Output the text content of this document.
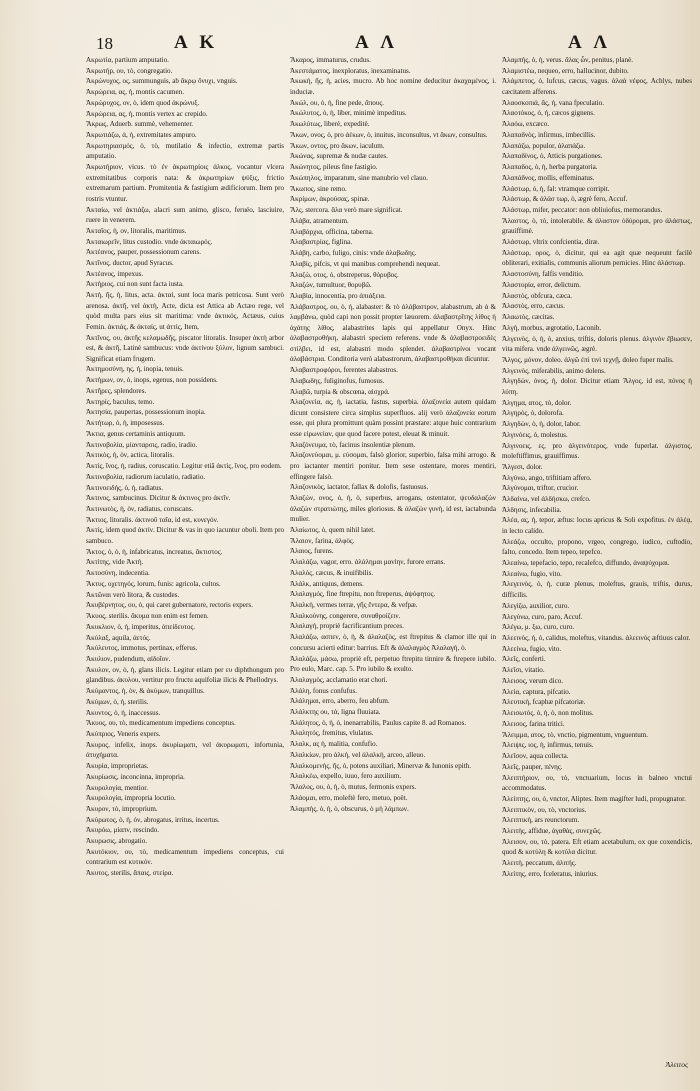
18	A K	A Λ	A Λ
Ακρωτία, partium amputatio.
Ἀκρωτήρ, ου, τὸ, congregatio.
Ἀκρώνυχος, ος, summunguis, ab ἄκρῳ ὄνυχι, vnguis.
Ἀκρώρεια, ας, ἡ, montis cacumen.
Ἀκρώρυχος, ον, ὁ, idem quod ἀκρώνυξ.
Ἀκρώρεια, ας, ἡ, montis vertex ac crepido.
Ἄκρως, Aduerb. summè, vehementer.
Ἀκρωτιάζω, ἀ, ἡ, extremitates ampuro.
Ἀκρωτηριασμός, ὁ, τὸ, mutilatio & infectio, extremæ partis amputatio.
Ἀκρωτήριον, vicus. τὸ ἐν ἀκρωτηρίοις ἀλκος, vocantur vlcera extremitatibus corporis nata: & ἀκρωτηρίων ψύξις, frictio extremarum partium. Promitentia & fastigium ædificiorum. Item pro rostris vtuntur.
Ἀκταίω, vel ἀκτιάζω, alacri sum animo, glisco, feruéo, lasciuire, ruere in venerem.
Ἀκταῖος, ἡ, ον, litoralis, maritimus.
Ἀκταιωρεῖν, litus custodio. vnde ἀκταιωρός.
Ἀκτέανος, pauper, possessionum carens.
Ἀκτῖνος, ductor, apud Syracus.
Ἀκτέανος, impexus.
Ἀκτήριος, cui non sunt facta iusta.
Ἀκτή, ῆς, ἡ, litus, acta. ἀκταὶ, sunt loca maris petricosa. Sunt verò arenosa. ἀκτῆ, vel ἀκτὴ, Acte, dicta est Attica ab Actæo rege, vel quòd multa pars eius sit maritima: vnde ἀκτικός, Actæus, cuius Femin. ἀκτιάς, & ἀκταίς, ut ἀττὶς, Item,
Ἀκτῖνος, ου, ἀκτῆς κελαμωδῆς, piscator litoralis. Insuper ἀκτὴ arbor est, & ἀκτῆ, Latinè sambucus: vnde ἀκτίνου ξύλον, lignum sambuci. Significat etiam frugem.
Ἀκτημοσύνη, ης, ἡ, inopia, tenuis.
Ἀκτήμων, ον, ὁ, inops, egenus, non possidens.
Ἀκτῆρες, splendores.
Ἀκτηρίς, baculus, temo.
Ἀκτησία, paupertas, possessionum inopia.
Ἀκτήτωρ, ὁ, ἡ, imposessus.
Ἄκτια, genus certaminis antiquum.
Ἀκτινοβολία, μίανταρσις, radio, iradio.
Ἀκτικὸς, ἡ, ὁν, actica, litoralis.
Ἀκτίς, ῖνος, ἡ, radius, coruscatio. Legitur etiā ἀκτὶς, ῖνος, pro eodem.
Ἀκτινοβολία, radiorum iaculatio, radiatio.
Ἀκτινοειδής, ὁ, ἡ, radiatus.
Ἀκτινος, sambucinus. Dicitur & ἀκτινος pro ἀκτῖν.
Ἀκτινωτὸς, ἡ, ὁν, radiatus, coruscans.
Ἄκτιος, litoralis. ἀκτινοῦ ταῖα, id est, κυνεγόν.
Ἀκτίς, idem quod ἀκτίν. Dicitur & vas in quo iacuntur oboli. Item pro sambuco.
Ἄκτος, ὁ, ὁ, ἡ, infabricatus, increatus, ἄκτιστος.
Ἀκτίτης, vide Ἀκτὴ.
Ἀκτοσύνη, indecentia.
Ἄκτυς, οχετηγός, lorum, funis: agricola, cultos.
Ἀκτῶναι verò litora, & custodes.
Ἀκυβέρνητος, ου, ὁ, qui caret gubernatore, rectoris expers.
Ἄκυος, sterilis. ἄκυμα non enim est femen.
Ἀκυκλιον, ὁ, ἡ, imperitus, ἀπείδευτος.
Ἀκύλαξ, aquila, ἀετός.
Ἀκύλευτος, immotus, pertinax, efferus.
Ἀκυλιον, pudendum, αἰδοῖον.
Ἀκυλον, ον, ὁ, ἡ, glans ilicis. Legitur etiam per ευ diphthongum pro glandibus. ἀκυλου, vertitur pro fructu aquifoliæ ilicis & Phellodrys.
Ἀκύμαντος, ἡ, ὁν, & ἀκύμων, tranquillus.
Ἀκύμων, ὁ, ἡ, sterilis.
Ἀκυντος, ὁ, ἡ, inaccessus.
Ἄκυος, ου, τὸ, medicamentum impediens conceptus.
Ἀκύπριος, Veneris expers.
Ἀκυρος, infelix, inops. ἀκυρίωματι, vel ἀκυρωματι, infortunia, ἀτυχήματα.
Ἀκυρία, improprietas.
Ἀκυρίωσις, inconcinna, impropria.
Ἀκυρολογία, mentior.
Ἀκυρολογία, impropria locutio.
Ἀκυρον, τὸ, improprium.
Ἀκύρωτος, ὁ, ἡ, ὁν, abrogatus, irritus, incertus.
Ἀκυρόω, μίαπν, rescindo.
Ἀκυρωσις, abrogatio.
Ἀκυτόκιον, ου, τὸ, medicamentum impediens conceptus, cui contrarium est κυτικόν.
Ἀκυτος, sterilis, ἄπαις, στείρα.
Ἄκαρος, immaturus, crudus.
Ἀκεστάματος, inexploratus, inexaminatus.
Ἀκωκή, ῆς, ἡ, acies, mucro. Ab hoc nomine deducitur ἀκαχαμένος, i. induciæ.
Ἀκώλ, ου, ὁ, ἡ, fine pede, ἄπους.
Ἀκώλυτος, ὁ, ἡ, liber, minimè impeditus.
Ἀκωλύτως, liberè, expeditè.
Ἄκων, ονος, ὁ, pro ἀέκων, ὁ, inuitus, inconsultus, vt ἄκων, consultus.
Ἄκων, οντος, pro ἄκων, iaculum.
Ἀκώνας, supremæ & nudæ cautes.
Ἀκώνητος, pileus fine fastigio.
Ἀκώπηλος, imparatum, sine manubrio vel clauo.
Ἄκωπος, sine remo.
Ἀκρίμων, ἀκρούσας, spinæ.
Ἄλς, stercora. ἄλα verò mare significat.
Ἀλάβα, atramentum.
Ἀλαβάρχια, officina, taberna.
Ἀλαβαστρίας, figlina.
Ἀλάβη, carbo, fuligo, cinis: vnde ἀλαβωδης.
Ἀλαβίς, pifcis, vt qui manibus comprehendi nequeat.
Ἀλαζὼ, οτος, ὁ, obstreperus, θόρυβος.
Ἀλαζών, tumultuor, θορυβῶ.
Ἀλαβία, innocentia, pro ἀπιάξεια.
Ἀλάβαστρος, ου, ὁ, ἡ, alabaster: & τὸ ἀλάβαστρον, alabastrum, ab ἀ & λαμβάνω, quòd capi non possit propter læuorem. ἀλαβαστρῖτης λίθος ἡ ἀχάτης λίθος, alabastrites lapis qui appellatur Onyx. Hinc ἀλαβαστροθήκη, alabastri speciem referens. vnde & ἀλαβαστροειδὲς στίλβει, id est, alabastri modo splendet. ἀλαβαστρίνοι vocant ἀλαβάστρια. Conditoria verò alabastrorum, ἀλαβαστροθήκαι dicuntur.
Ἀλαβαστροφόροι, ferentes alabastros.
Ἀλαβωδης, fuliginofus, fumosus.
Ἀλαβῶ, turpia & obscœna, αἰσχρά.
Ἀλαζονεία, ας, ἡ, iactatia, fastus, superbia. ἀλαζονεία autem quidam dicunt consistere circa simplus superfluos. alij verò ἀλαζονεία eorum esse, qui plura promittunt quàm possint præstare: atque huic contrarium esse εἰρωνείαν, que quod facere potest, eleuat & minuit.
Ἀλαζόνευμα, τὸ, facinus insolentiæ plenum.
Ἀλαζονεύομαι, μ. εύσομαι, falsò glorior, superbio, falsa mihi arrogo. & pro iactanter mentiri ponitur. Item sese ostentare, mores mentiri, effingere falsò.
Ἀλαζονικὸς, iactator, fallax & dolofis, fastuosus.
Ἀλαζὼν, ονος, ὁ, ἡ, ὁ, superbus, arrogans, ostentator, ψευδαλαζὼν ἀλαζὼν στρατιώτης, miles gloriosus. & ἀλαζὼν γυνὴ, id est, iactabunda mulier.
Ἀλαίωτος, ὁ, quem nihil latet.
Ἄλαιον, farina, ἀλφὸς.
Ἀλαιος, furens.
Ἀλαλάζω, vagor, erro. ἀλάλημαι μανίην, furore errans.
Ἀλαλὸς, cæcus, & inuifibilis.
Ἀλάλκ, antiquus, demens.
Ἀλαλαγμός, fine ftrepitu, non ftreperus, ἀψόφητος.
Ἀλαλκὴ, vermes terræ, γῆς ἔντερα, & vefpæ.
Ἀλαλκούνης, congerere, συναθροίζειν.
Ἀλαλαγὴ, propriè facrificantium preces.
Ἀλαλάζω, ασπεν, ὁ, ἡ, & ἀλαλαζὸς, est ftrepitus & clamor ille qui in concursu acierti editur: barrius. Eft & ἀλαλαγμὸς Ἀλαλαγή, ὁ.
Ἀλαλάζω, μάσω, propriè eft, perpetuo ftrepitu tinnire & ftrepere iubilo. Pro eulo, Marc. cap. 5. Pro iubilo & exulto.
Ἀλαλαγμὸς, acclamatio erat chori.
Ἀλάλη, fonus confufus.
Ἀλάλημαι, erro, aberro, feu abfum.
Ἀλάλκτης ου, τὰ, ligna fluuiata.
Ἀλάλητος, ὁ, ἡ, ὁ, inenarrabilis, Paulus capite 8. ad Romanos.
Ἀλαλητός, fremitus, vlulatus.
Ἀλαλκ, ας ἡ, malitia, confufio.
Ἀλαλκίων, pro ἀλκή, vel ἀλαλκή, arceo, alleuo.
Ἀλαλκομενής, ῆς, ὁ, potens auxiliari, Minervæ & Iunonis epith.
Ἀλαλκέω, expello, iuuo, fero auxilium.
Ἄλαλος, ου, ὁ, ἡ, ὁ, mutus, fermonis expers.
Ἀλάομαι, erro, moleftè fero, metuo, poët.
Ἀλαμπὴς, ὁ, ἡ, ὁ, obscurus, ὁ μὴ λάμπων.
Ἀλαμπής, ὁ, ἡ, verus. ἄλας ὧν, penitus, planè.
Ἀλαμιστέω, nequeo, erro, hallucinor, dubito.
Ἀλάμπετος, ὁ, lufcus, cæcus, vagus. ἀλαὰ νέφος, Achlys, nubes cæcitatem afferens.
Ἀλαοσκοπιά, ᾶς, ἡ, vana fpeculatio.
Ἀλαοτόκος, ὁ, ἡ, cæcos gignens.
Ἀλαόω, excæco.
Ἀλαπαδνὸς, infirmus, imbecillis.
Ἀλαπάζω, populor, ἀλαπάζω.
Ἀλαπαδίνος, ὁ, Atticis purgationes.
Ἀλαπαδος, ὁ, ἡ, herba purgatoria.
Ἀλαπάδνος, mollis, effeminatus.
Ἀλάστωρ, ὁ, ἡ, fal: vtramque corripit.
Ἀλάστωρ, & ἀλάσ τωρ, ὁ, ægrè fero, Accuf.
Ἀλάστωρ, mifer, peccator: non obliuiofus, memorandus.
Ἄλαστος, ὁ, τὸ, intolerabile. & ἀλαστον ὀδύρομαι, pro ἀλάστως, grauiffimè.
Ἀλάστωρ, vltrix confcientia, diræ.
Ἀλάστωρ, ορος, ὁ, dicitur, qui ea agit quæ nequeunt facilè obliterari, exitialis, communis aliorum pernicies. Hinc ἀλάστωρ.
Ἀλαστοσύνη, falfis venditio.
Ἀλαστορία, error, delictum.
Ἀλαστὸς, obfcura, cæca.
Ἀλαστὸς, erro, cæcus.
Ἀλαωτὸς, cæcitas.
Ἀλγὴ, morbus, ægrotatio, Laconib.
Ἀλγεινὸς, ὁ, ἡ, ὁ, anxius, triftis, doloris plenus. ἀλγινὸν ἔβιωσεν, vita mifera. vnde ἀλγεινῶς, ægrè.
Ἄλγος, μόνον, doleo. ἀλγῶ ἐπὶ τινὶ τεχνῇ, doleo fuper malis.
Ἀλγεινὸς, miferabilis, animo dolens.
Ἀλγηδὼν, όνος, ἡ, dolor. Dicitur etiam Ἄλγος, id est, πόνος ἡ λύπη.
Ἀλγημα, ατος, τὸ, dolor.
Ἀλγηρὸς, ὁ, dolorofa.
Ἀλγηδὼν, ὁ, ἡ, dolor, labor.
Ἀλγινόεις, ὁ, molestus.
Ἀλγινοεις, ες, pro ἀλγεινότερος, vnde fuperlat. ἀλγιστος, moleftiffimus, grauiffimus.
Ἄλγεσι, dolor.
Ἀλγύνω, ango, triftitiam affero.
Ἀλγύνομαι, triftor, crucior.
Ἀλδαίνω, vel ἀλδήσκω, crefco.
Ἀλδησις, infecabilia.
Ἀλέα, ας, ἡ, tepor, æftus: locus apricus & Soli expofitus. ἐν ἀλέᾳ, in lecto calido.
Ἀλεάζω, occulto, propono, vrgeo, congrego, iudico, cuftodio, falto, concedo. Item tepeo, tepefco.
Ἀλεαίνω, tepefacio, tepo, recalefco, diffundo, ἀναψύχομαι.
Ἀλεαίνω, fugio, vito.
Ἀλεγεινὸς, ὁ, ἡ, curæ plenus, moleftus, grauis, triftis, durus, difficilis.
Ἀλεγίζω, auxilior, curo.
Ἀλεγύνω, curo, paro, Accuf.
Ἀλέγω, μ. ξω, curo, curo.
Ἀλεεινὸς, ἡ, ὁ, calidus, moleftus, vitandus. ἀλεεινὸς æftiuus calor.
Ἀλεείνω, fugio, vito.
Ἀλεῖς, conferti.
Ἀλεῖσι, vitatio.
Ἀλεισος, verum dico.
Ἀλεία, captura, pifcatio.
Ἀλευτικὴ, fcaphæ pifcatoriæ.
Ἀλεισωτὸς, ὁ, ἡ, ὁ, non molitus.
Ἀλεισος, farina tritici.
Ἄλειμμα, ατος, τὸ, vnctio, pigmentum, vnguentum.
Ἀλειψις, ιος, ἡ, infirmus, tenuis.
Ἀλεῖσον, aqua collecta.
Ἀλεῖς, pauper, πένης.
Ἀλειπτήριον, ου, τὸ, vnctuarium, locus in balneo vnctui accommodatus.
Ἀλείπτης, ου, ὁ, vnctor, Aliptes. Item magifter ludi, propugnator.
Ἀλειπτικὸν, ου, τὸ, vnctorius.
Ἀλειπτικὴ, ars reunctorum.
Ἀλειτὴς, affidue, ἀγαθὰς, συνεχῶς.
Ἀλεισον, ου, τὸ, patera. Eft etiam acetabulum, ox que coxendicis, quod & κοτύλη & κοτύλα dicitur.
Ἀλειτὴ, peccatum, ἀλιτής.
Ἀλείτης, erro, fceleratus, iniurius.
Ἀλειτος
